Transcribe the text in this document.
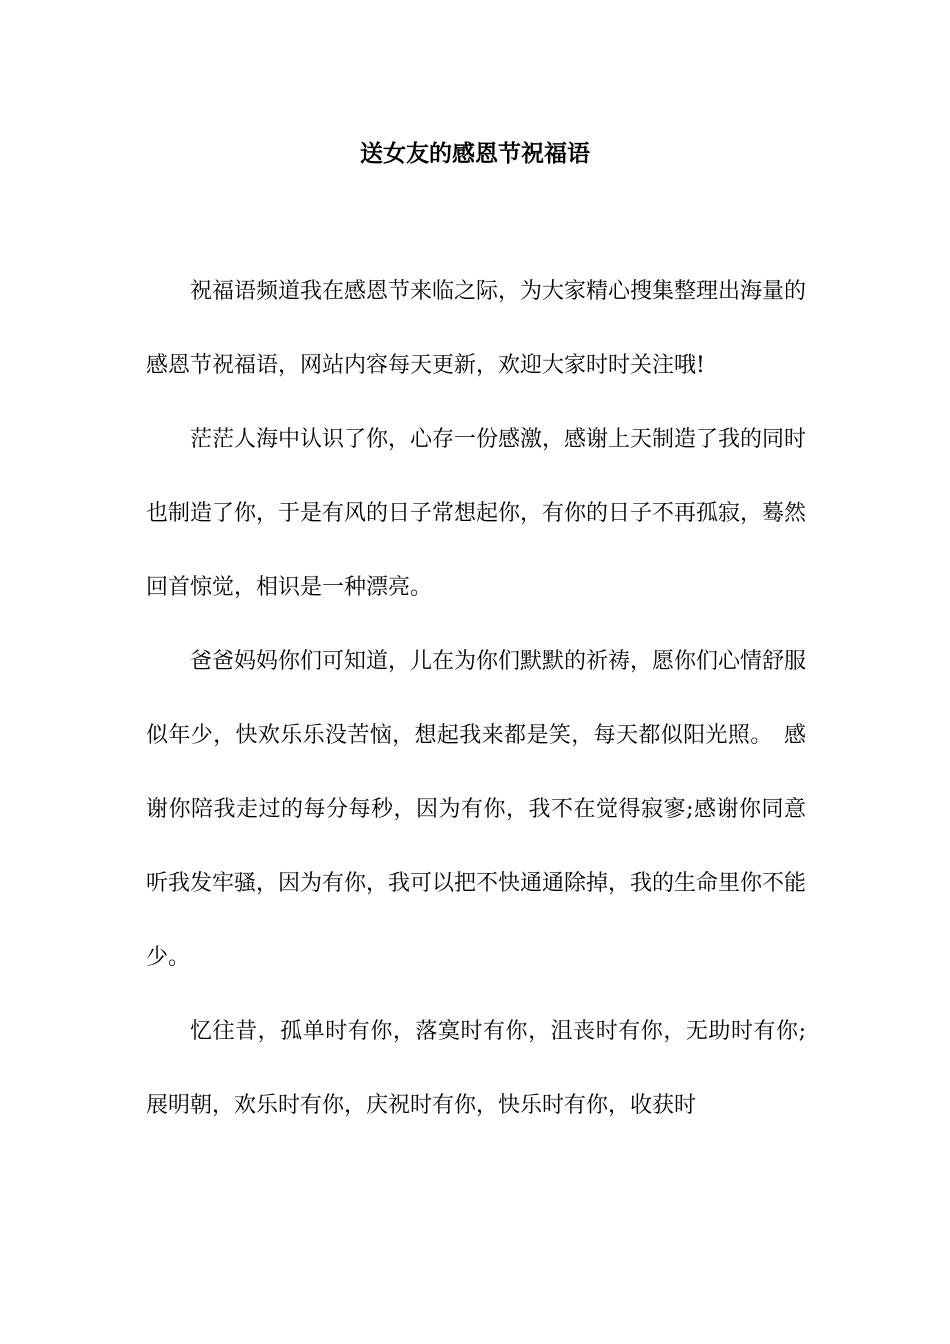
送女友的感恩节祝福语

祝福语频道我在感恩节来临之际，为大家精心搜集整理出海量的感恩节祝福语，网站内容每天更新，欢迎大家时时关注哦!

茫茫人海中认识了你，心存一份感激，感谢上天制造了我的同时也制造了你，于是有风的日子常想起你，有你的日子不再孤寂，蓦然回首惊觉，相识是一种漂亮。

爸爸妈妈你们可知道，儿在为你们默默的祈祷，愿你们心情舒服似年少，快欢乐乐没苦恼，想起我来都是笑，每天都似阳光照。　感谢你陪我走过的每分每秒，因为有你，我不在觉得寂寥;感谢你同意听我发牢骚，因为有你，我可以把不快通通除掉，我的生命里你不能少。

忆往昔，孤单时有你，落寞时有你，沮丧时有你，无助时有你;展明朝，欢乐时有你，庆祝时有你，快乐时有你，收获时
